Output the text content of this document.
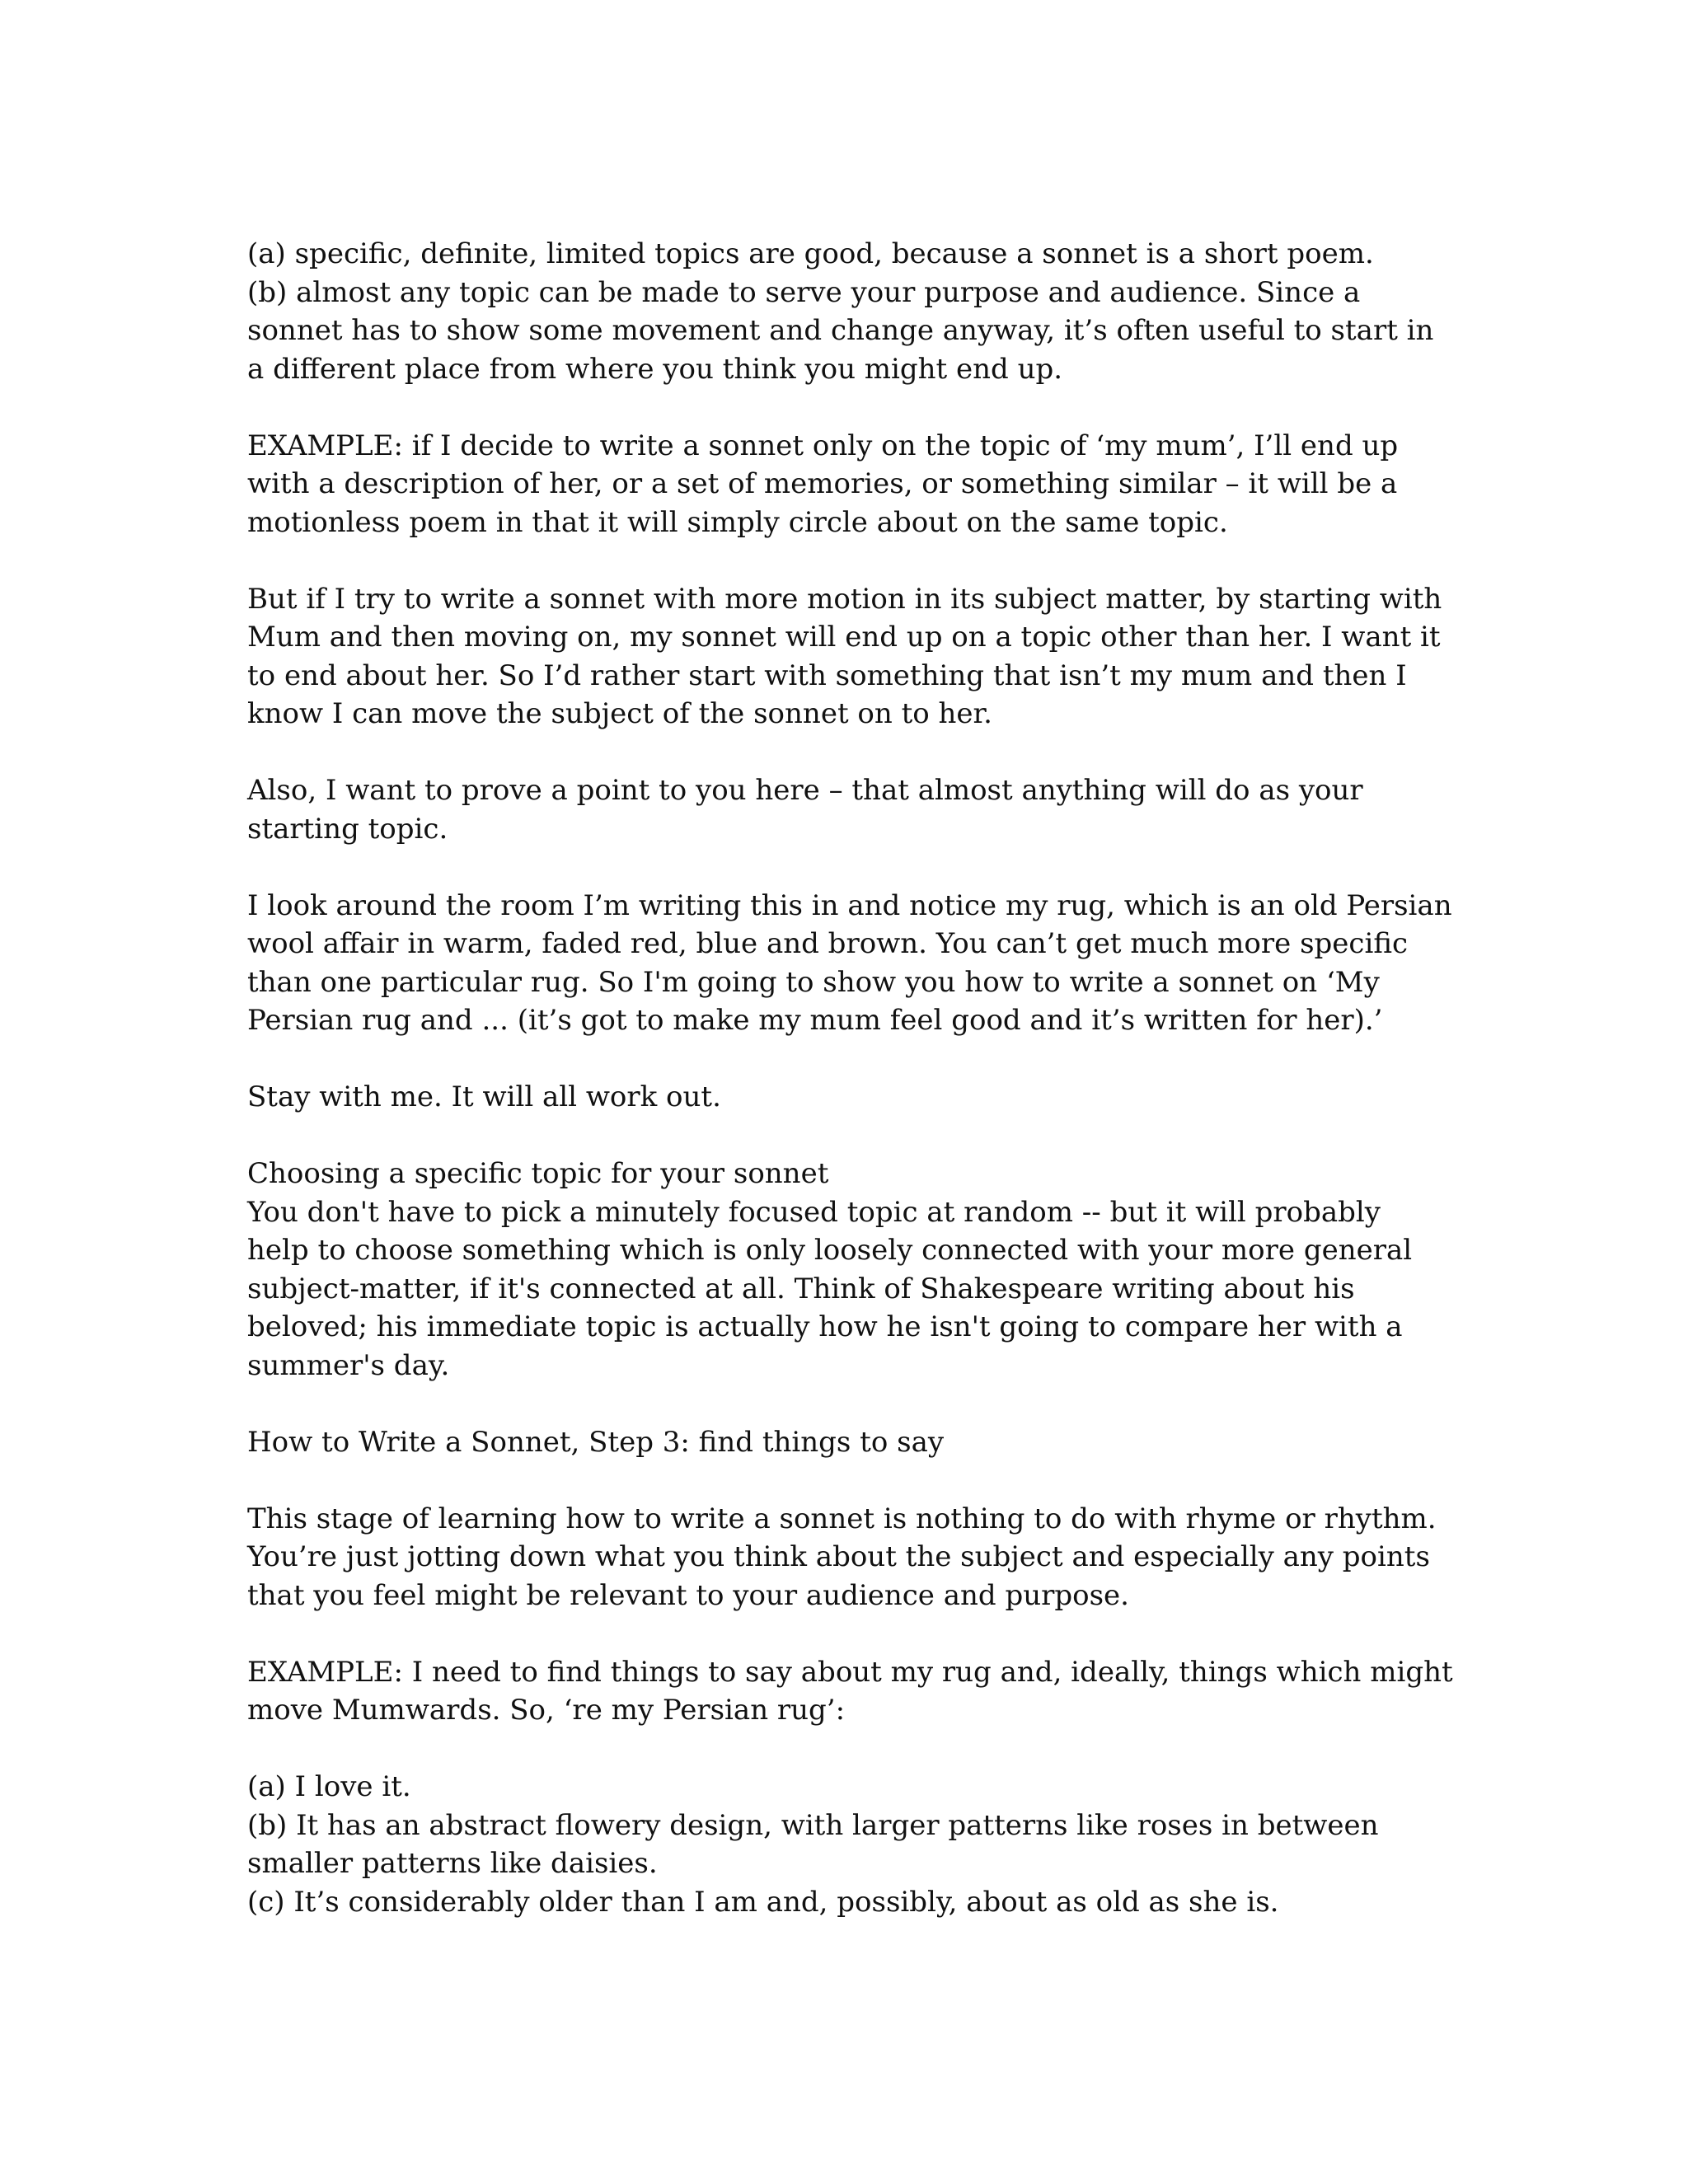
(a) specific, definite, limited topics are good, because a sonnet is a short poem.
(b) almost any topic can be made to serve your purpose and audience. Since a
sonnet has to show some movement and change anyway, it’s often useful to start in
a different place from where you think you might end up.
EXAMPLE: if I decide to write a sonnet only on the topic of ‘my mum’, I’ll end up
with a description of her, or a set of memories, or something similar – it will be a
motionless poem in that it will simply circle about on the same topic.
But if I try to write a sonnet with more motion in its subject matter, by starting with
Mum and then moving on, my sonnet will end up on a topic other than her. I want it
to end about her. So I’d rather start with something that isn’t my mum and then I
know I can move the subject of the sonnet on to her.
Also, I want to prove a point to you here – that almost anything will do as your
starting topic.
I look around the room I’m writing this in and notice my rug, which is an old Persian
wool affair in warm, faded red, blue and brown. You can’t get much more specific
than one particular rug. So I'm going to show you how to write a sonnet on ‘My
Persian rug and ... (it’s got to make my mum feel good and it’s written for her).’
Stay with me. It will all work out.
Choosing a specific topic for your sonnet
You don't have to pick a minutely focused topic at random -- but it will probably
help to choose something which is only loosely connected with your more general
subject-matter, if it's connected at all. Think of Shakespeare writing about his
beloved; his immediate topic is actually how he isn't going to compare her with a
summer's day.
How to Write a Sonnet, Step 3: find things to say
This stage of learning how to write a sonnet is nothing to do with rhyme or rhythm.
You’re just jotting down what you think about the subject and especially any points
that you feel might be relevant to your audience and purpose.
EXAMPLE: I need to find things to say about my rug and, ideally, things which might
move Mumwards. So, ‘re my Persian rug’:
(a) I love it.
(b) It has an abstract flowery design, with larger patterns like roses in between
smaller patterns like daisies.
(c) It’s considerably older than I am and, possibly, about as old as she is.
